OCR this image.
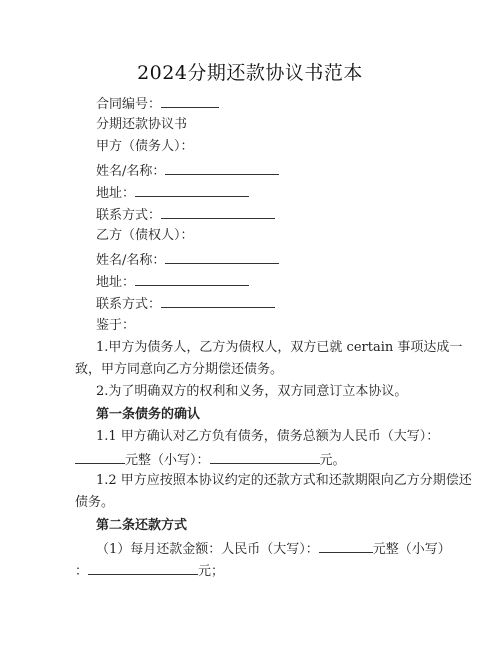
2024分期还款协议书范本
合同编号：
分期还款协议书
甲方（债务人）：
姓名/名称：
地址：
联系方式：
乙方（债权人）：
姓名/名称：
地址：
联系方式：
鉴于：
1.甲方为债务人，乙方为债权人，双方已就 certain 事项达成一
致，甲方同意向乙方分期偿还债务。
2.为了明确双方的权利和义务，双方同意订立本协议。
第一条债务的确认
1.1 甲方确认对乙方负有债务，债务总额为人民币（大写）：
元整（小写）：	元。
1.2 甲方应按照本协议约定的还款方式和还款期限向乙方分期偿还
债务。
第二条还款方式
（1）每月还款金额：人民币（大写）：	元整（小写）
：	元；
